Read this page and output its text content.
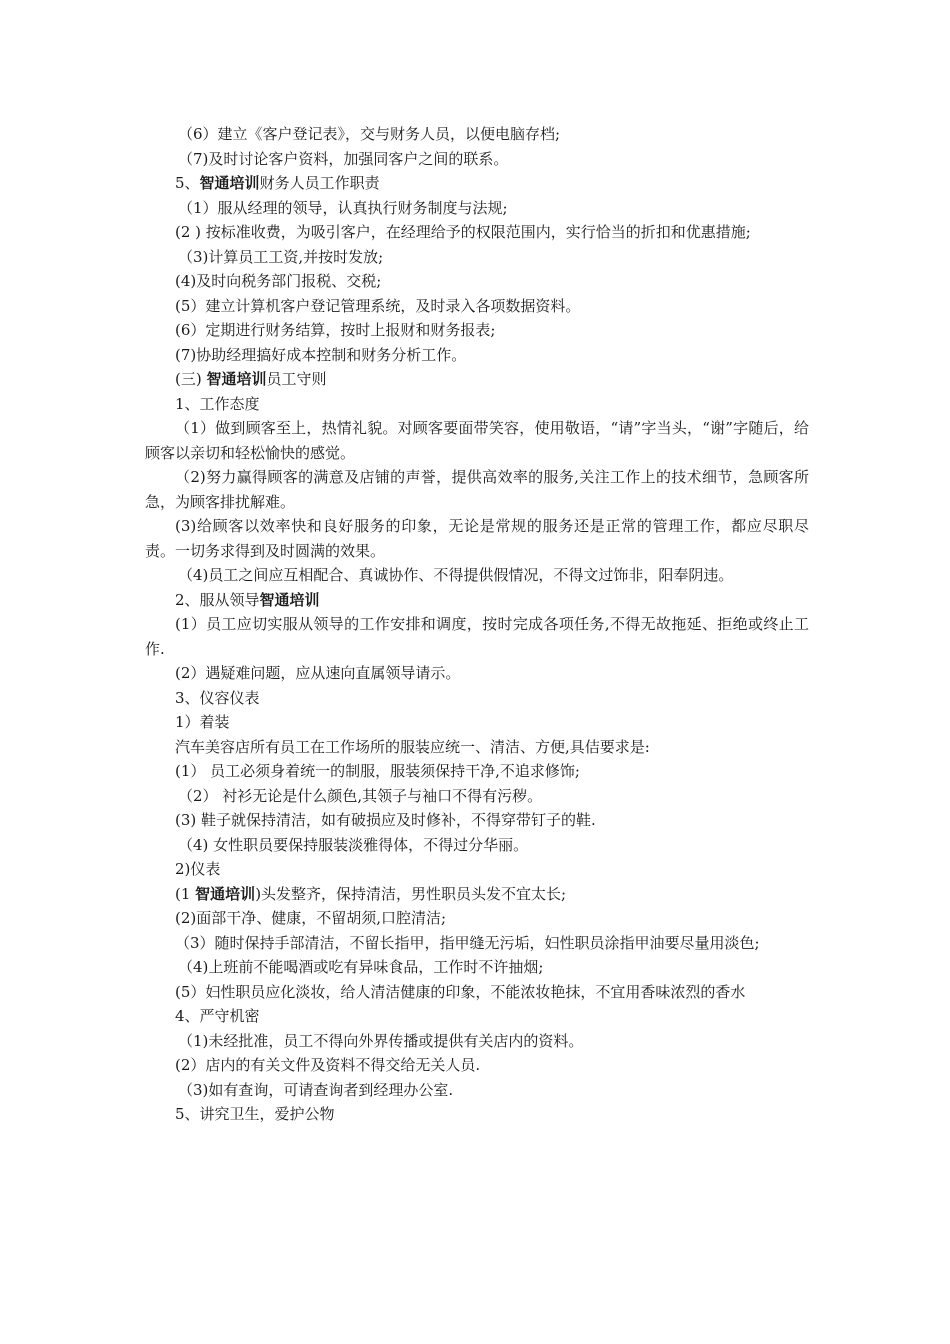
（6）建立《客户登记表》，交与财务人员，以便电脑存档;

（7)及时讨论客户资料，加强同客户之间的联系。

5、智通培训财务人员工作职责

（1）服从经理的领导，认真执行财务制度与法规;

(2 ) 按标准收费，为吸引客户，在经理给予的权限范围内，实行恰当的折扣和优惠措施;

（3)计算员工工资,并按时发放;

(4)及时向税务部门报税、交税;

(5）建立计算机客户登记管理系统，及时录入各项数据资料。

(6）定期进行财务结算，按时上报财和财务报表;

(7)协助经理搞好成本控制和财务分析工作。

(三) 智通培训员工守则

1、工作态度

（1）做到顾客至上，热情礼貌。对顾客要面带笑容，使用敬语，“请”字当头，“谢”字随后，给顾客以亲切和轻松愉快的感觉。

（2)努力赢得顾客的满意及店铺的声誉，提供高效率的服务,关注工作上的技术细节，急顾客所急，为顾客排扰解难。

(3)给顾客以效率快和良好服务的印象，无论是常规的服务还是正常的管理工作，都应尽职尽责。一切务求得到及时圆满的效果。

（4)员工之间应互相配合、真诚协作、不得提供假情况，不得文过饰非，阳奉阴违。

2、服从领导智通培训

(1）员工应切实服从领导的工作安排和调度，按时完成各项任务,不得无故拖延、拒绝或终止工作.

(2）遇疑难问题，应从速向直属领导请示。

3、仪容仪表

1）着装

汽车美容店所有员工在工作场所的服装应统一、清洁、方便,具佶要求是:

(1） 员工必须身着统一的制服，服装须保持干净,不追求修饰;

（2） 衬衫无论是什么颜色,其领子与袖口不得有污秽。

(3) 鞋子就保持清洁，如有破损应及时修补，不得穿带钉子的鞋.

（4) 女性职员要保持服装淡雅得体，不得过分华丽。

2)仪表

(1 智通培训)头发整齐，保持清洁，男性职员头发不宜太长;

(2)面部干净、健康，不留胡须,口腔清洁;

（3）随时保持手部清洁，不留长指甲，指甲缝无污垢，妇性职员涂指甲油要尽量用淡色;

（4)上班前不能喝酒或吃有异味食品，工作时不许抽烟;

(5）妇性职员应化淡妆，给人清洁健康的印象，不能浓妆艳抹，不宜用香味浓烈的香水

4、严守机密

（1)未经批准，员工不得向外界传播或提供有关店内的资料。

(2）店内的有关文件及资料不得交给无关人员.

（3)如有查询，可请查询者到经理办公室.

5、讲究卫生，爱护公物
